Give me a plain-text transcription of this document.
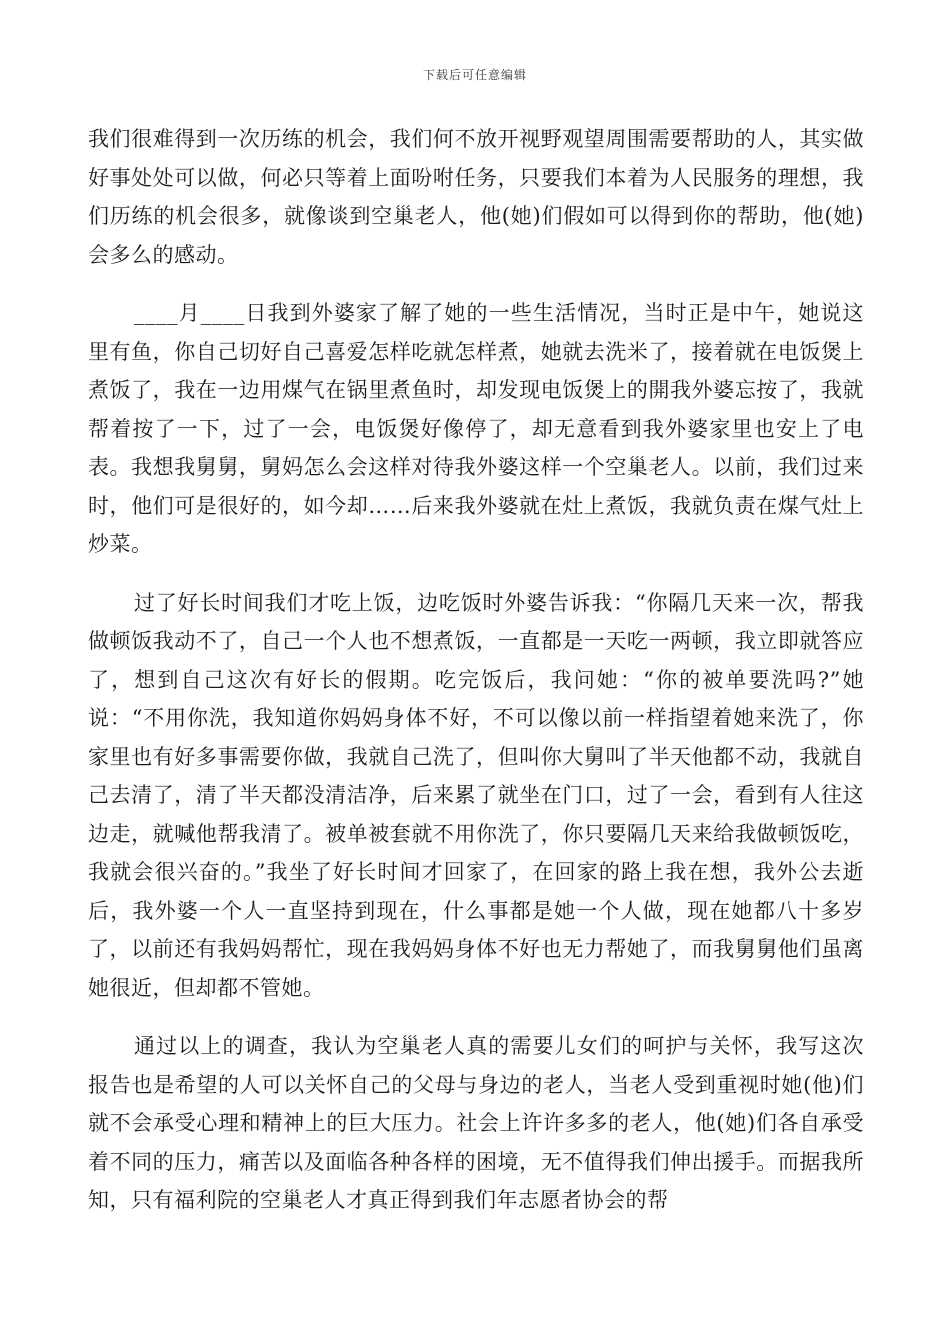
下载后可任意编辑

我们很难得到一次历练的机会，我们何不放开视野观望周围需要帮助的人，其实做好事处处可以做，何必只等着上面吩咐任务，只要我们本着为人民服务的理想，我们历练的机会很多，就像谈到空巢老人，他(她)们假如可以得到你的帮助，他(她)会多么的感动。

____月____日我到外婆家了解了她的一些生活情况，当时正是中午，她说这里有鱼，你自己切好自己喜爱怎样吃就怎样煮，她就去洗米了，接着就在电饭煲上煮饭了，我在一边用煤气在锅里煮鱼时，却发现电饭煲上的開我外婆忘按了，我就帮着按了一下，过了一会，电饭煲好像停了，却无意看到我外婆家里也安上了电表。我想我舅舅，舅妈怎么会这样对待我外婆这样一个空巢老人。以前，我们过来时，他们可是很好的，如今却……后来我外婆就在灶上煮饭，我就负责在煤气灶上炒菜。

过了好长时间我们才吃上饭，边吃饭时外婆告诉我：“你隔几天来一次，帮我做顿饭我动不了，自己一个人也不想煮饭，一直都是一天吃一两顿，我立即就答应了，想到自己这次有好长的假期。吃完饭后，我问她：“你的被单要洗吗?”她说：“不用你洗，我知道你妈妈身体不好，不可以像以前一样指望着她来洗了，你家里也有好多事需要你做，我就自己洗了，但叫你大舅叫了半天他都不动，我就自己去清了，清了半天都没清洁净，后来累了就坐在门口，过了一会，看到有人往这边走，就喊他帮我清了。被单被套就不用你洗了，你只要隔几天来给我做顿饭吃，我就会很兴奋的。”我坐了好长时间才回家了，在回家的路上我在想，我外公去逝后，我外婆一个人一直坚持到现在，什么事都是她一个人做，现在她都八十多岁了，以前还有我妈妈帮忙，现在我妈妈身体不好也无力帮她了，而我舅舅他们虽离她很近，但却都不管她。

通过以上的调查，我认为空巢老人真的需要儿女们的呵护与关怀，我写这次报告也是希望的人可以关怀自己的父母与身边的老人，当老人受到重视时她(他)们就不会承受心理和精神上的巨大压力。社会上许许多多的老人，他(她)们各自承受着不同的压力，痛苦以及面临各种各样的困境，无不值得我们伸出援手。而据我所知，只有福利院的空巢老人才真正得到我们年志愿者协会的帮
